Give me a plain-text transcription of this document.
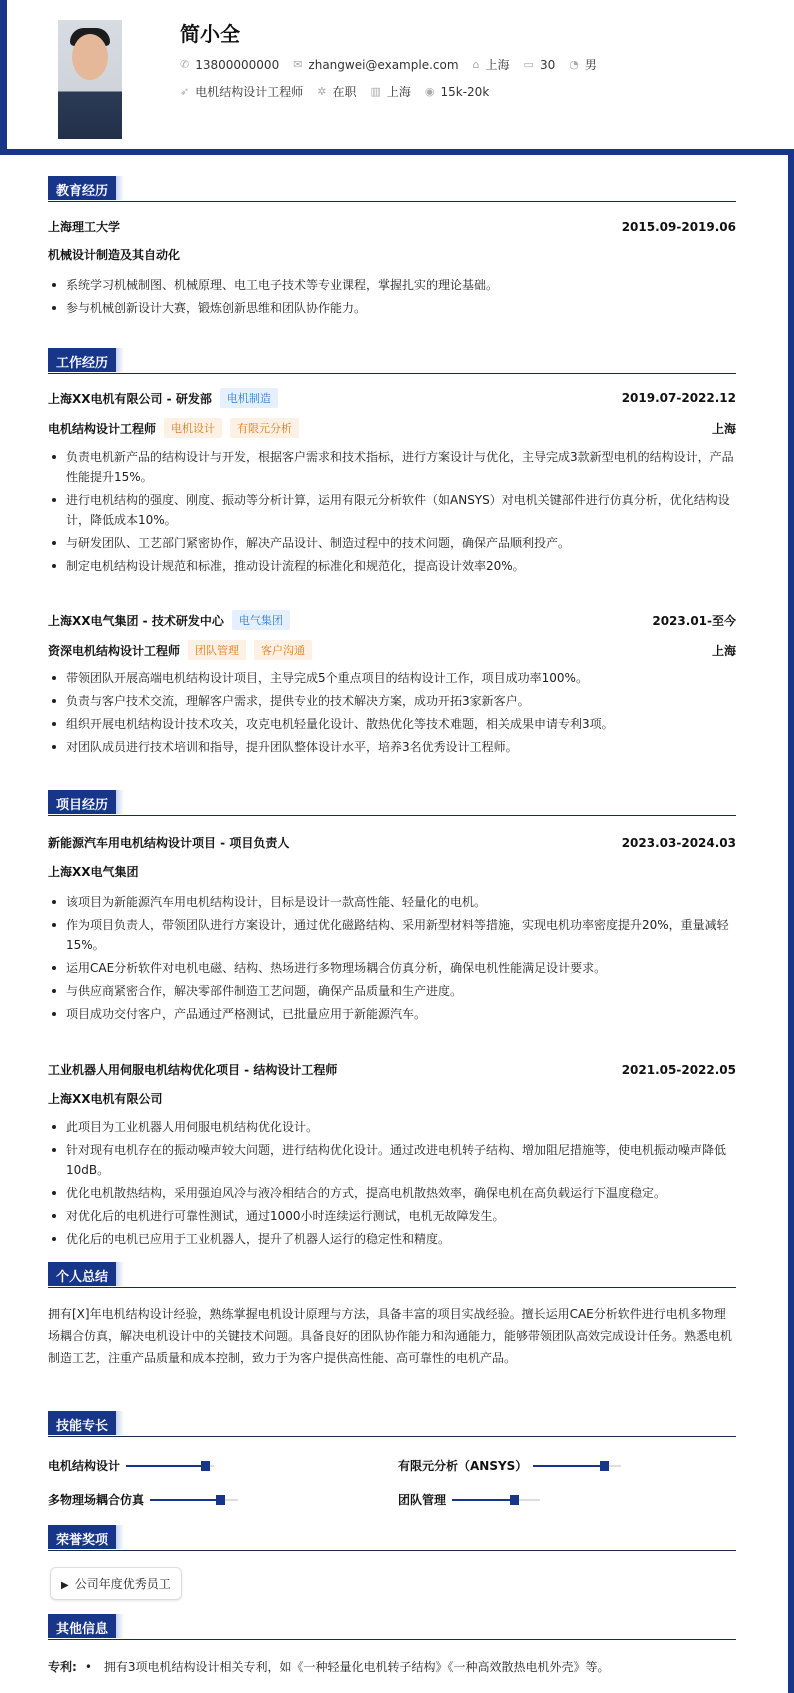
简小全
✆ 13800000000 ✉ zhangwei@example.com ⌂ 上海 ▭ 30 ◔ 男
➶ 电机结构设计工程师 ✲ 在职 ▥ 上海 ◉ 15k-20k
教育经历
上海理工大学	2015.09-2019.06
机械设计制造及其自动化
系统学习机械制图、机械原理、电工电子技术等专业课程，掌握扎实的理论基础。
参与机械创新设计大赛，锻炼创新思维和团队协作能力。
工作经历
上海XX电机有限公司 - 研发部	电机制造	2019.07-2022.12
电机结构设计工程师	电机设计	有限元分析	上海
负责电机新产品的结构设计与开发，根据客户需求和技术指标，进行方案设计与优化，主导完成3款新型电机的结构设计，产品性能提升15%。
进行电机结构的强度、刚度、振动等分析计算，运用有限元分析软件（如ANSYS）对电机关键部件进行仿真分析，优化结构设计，降低成本10%。
与研发团队、工艺部门紧密协作，解决产品设计、制造过程中的技术问题，确保产品顺利投产。
制定电机结构设计规范和标准，推动设计流程的标准化和规范化，提高设计效率20%。
上海XX电气集团 - 技术研发中心	电气集团	2023.01-至今
资深电机结构设计工程师	团队管理	客户沟通	上海
带领团队开展高端电机结构设计项目，主导完成5个重点项目的结构设计工作，项目成功率100%。
负责与客户技术交流，理解客户需求，提供专业的技术解决方案，成功开拓3家新客户。
组织开展电机结构设计技术攻关，攻克电机轻量化设计、散热优化等技术难题，相关成果申请专利3项。
对团队成员进行技术培训和指导，提升团队整体设计水平，培养3名优秀设计工程师。
项目经历
新能源汽车用电机结构设计项目 - 项目负责人	2023.03-2024.03
上海XX电气集团
该项目为新能源汽车用电机结构设计，目标是设计一款高性能、轻量化的电机。
作为项目负责人，带领团队进行方案设计，通过优化磁路结构、采用新型材料等措施，实现电机功率密度提升20%，重量减轻15%。
运用CAE分析软件对电机电磁、结构、热场进行多物理场耦合仿真分析，确保电机性能满足设计要求。
与供应商紧密合作，解决零部件制造工艺问题，确保产品质量和生产进度。
项目成功交付客户，产品通过严格测试，已批量应用于新能源汽车。
工业机器人用伺服电机结构优化项目 - 结构设计工程师	2021.05-2022.05
上海XX电机有限公司
此项目为工业机器人用伺服电机结构优化设计。
针对现有电机存在的振动噪声较大问题，进行结构优化设计。通过改进电机转子结构、增加阻尼措施等，使电机振动噪声降低10dB。
优化电机散热结构，采用强迫风冷与液冷相结合的方式，提高电机散热效率，确保电机在高负载运行下温度稳定。
对优化后的电机进行可靠性测试，通过1000小时连续运行测试，电机无故障发生。
优化后的电机已应用于工业机器人，提升了机器人运行的稳定性和精度。
个人总结
拥有[X]年电机结构设计经验，熟练掌握电机设计原理与方法，具备丰富的项目实战经验。擅长运用CAE分析软件进行电机多物理场耦合仿真，解决电机设计中的关键技术问题。具备良好的团队协作能力和沟通能力，能够带领团队高效完成设计任务。熟悉电机制造工艺，注重产品质量和成本控制，致力于为客户提供高性能、高可靠性的电机产品。
技能专长
电机结构设计	有限元分析（ANSYS）
多物理场耦合仿真	团队管理
荣誉奖项
▶ 公司年度优秀员工
其他信息
专利: • 拥有3项电机结构设计相关专利，如《一种轻量化电机转子结构》《一种高效散热电机外壳》等。
